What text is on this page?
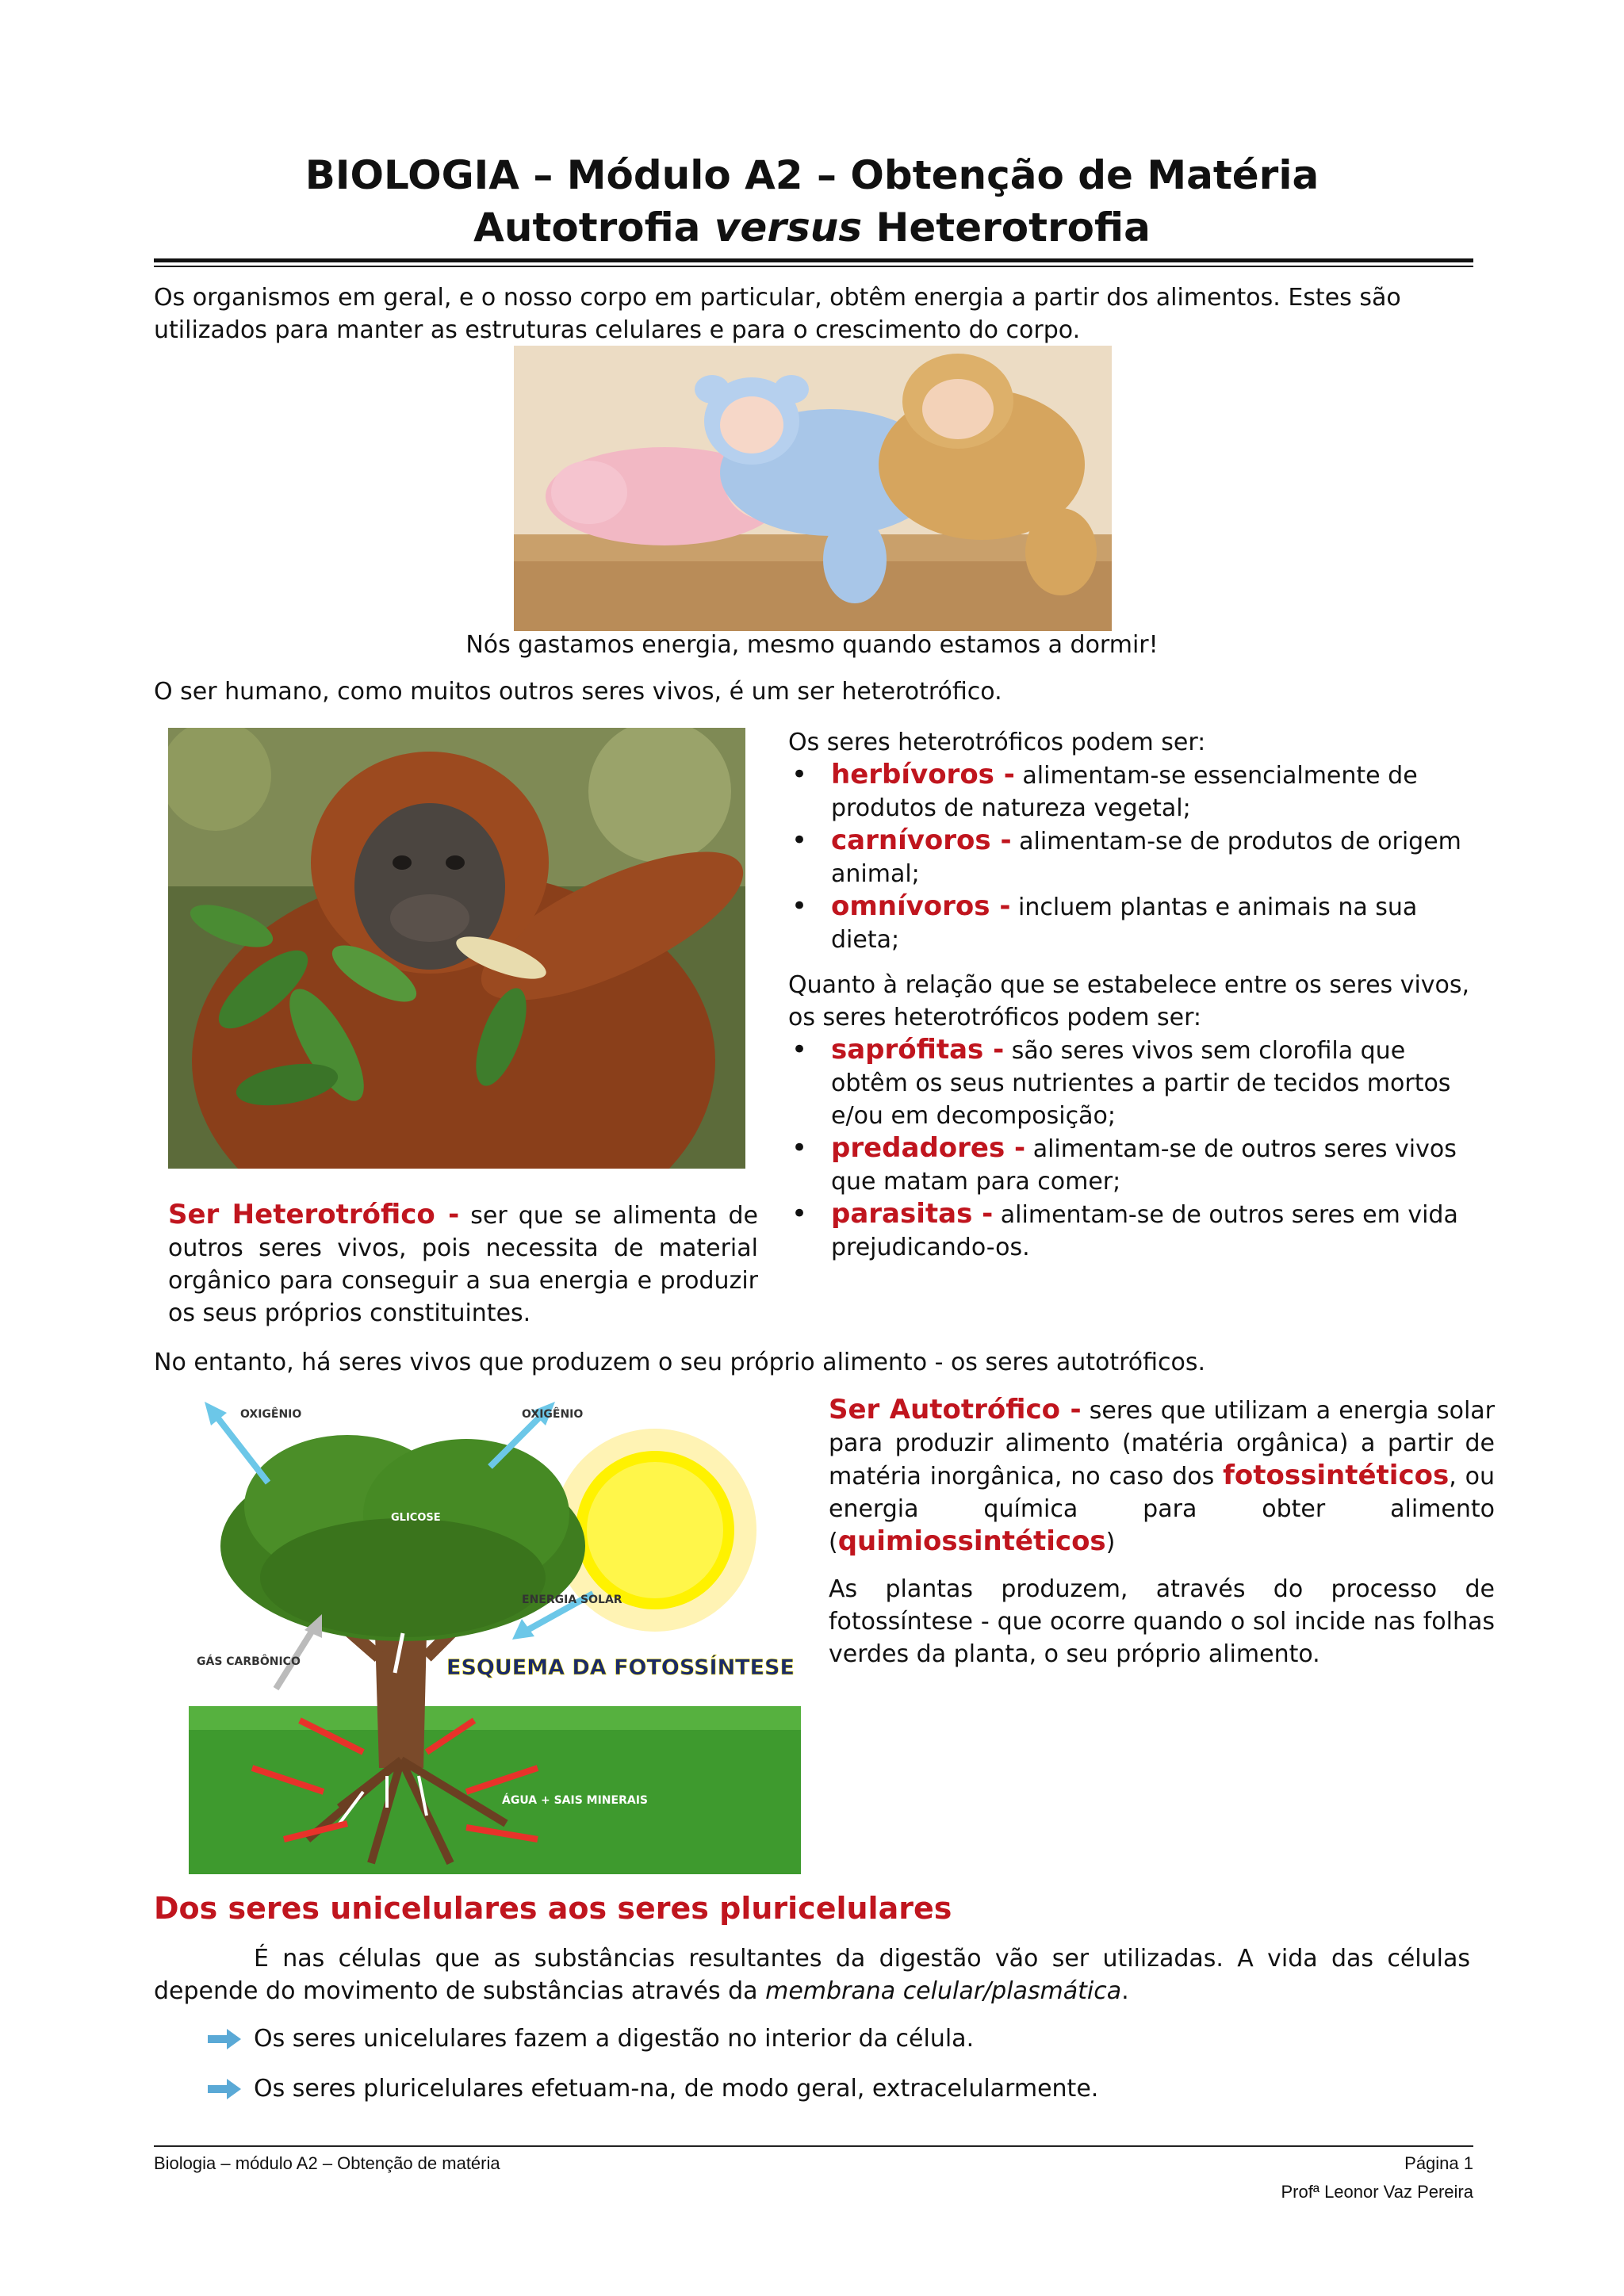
BIOLOGIA – Módulo A2 – Obtenção de Matéria
Autotrofia versus Heterotrofia

Os organismos em geral, e o nosso corpo em particular, obtêm energia a partir dos alimentos. Estes são utilizados para manter as estruturas celulares e para o crescimento do corpo.

Nós gastamos energia, mesmo quando estamos a dormir!

O ser humano, como muitos outros seres vivos, é um ser heterotrófico.

Ser Heterotrófico - ser que se alimenta de outros seres vivos, pois necessita de material orgânico para conseguir a sua energia e produzir os seus próprios constituintes.

Os seres heterotróficos podem ser:

• herbívoros - alimentam-se essencialmente de produtos de natureza vegetal;
• carnívoros - alimentam-se de produtos de origem animal;
• omnívoros - incluem plantas e animais na sua dieta;

Quanto à relação que se estabelece entre os seres vivos, os seres heterotróficos podem ser:

• saprófitas - são seres vivos sem clorofila que obtêm os seus nutrientes a partir de tecidos mortos e/ou em decomposição;
• predadores - alimentam-se de outros seres vivos que matam para comer;
• parasitas - alimentam-se de outros seres em vida prejudicando-os.

No entanto, há seres vivos que produzem o seu próprio alimento - os seres autotróficos.

OXIGÊNIO	OXIGÊNIO
GLICOSE
ENERGIA SOLAR
GÁS CARBÔNICO	ESQUEMA DA FOTOSSÍNTESE
ÁGUA + SAIS MINERAIS

Ser Autotrófico - seres que utilizam a energia solar para produzir alimento (matéria orgânica) a partir de matéria inorgânica, no caso dos fotossintéticos, ou energia química para obter alimento (quimiossintéticos)

As plantas produzem, através do processo de fotossíntese - que ocorre quando o sol incide nas folhas verdes da planta, o seu próprio alimento.

Dos seres unicelulares aos seres pluricelulares

É nas células que as substâncias resultantes da digestão vão ser utilizadas. A vida das células depende do movimento de substâncias através da membrana celular/plasmática.

Os seres unicelulares fazem a digestão no interior da célula.
Os seres pluricelulares efetuam-na, de modo geral, extracelularmente.
Biologia – módulo A2 – Obtenção de matéria	Página 1
Profª Leonor Vaz Pereira
